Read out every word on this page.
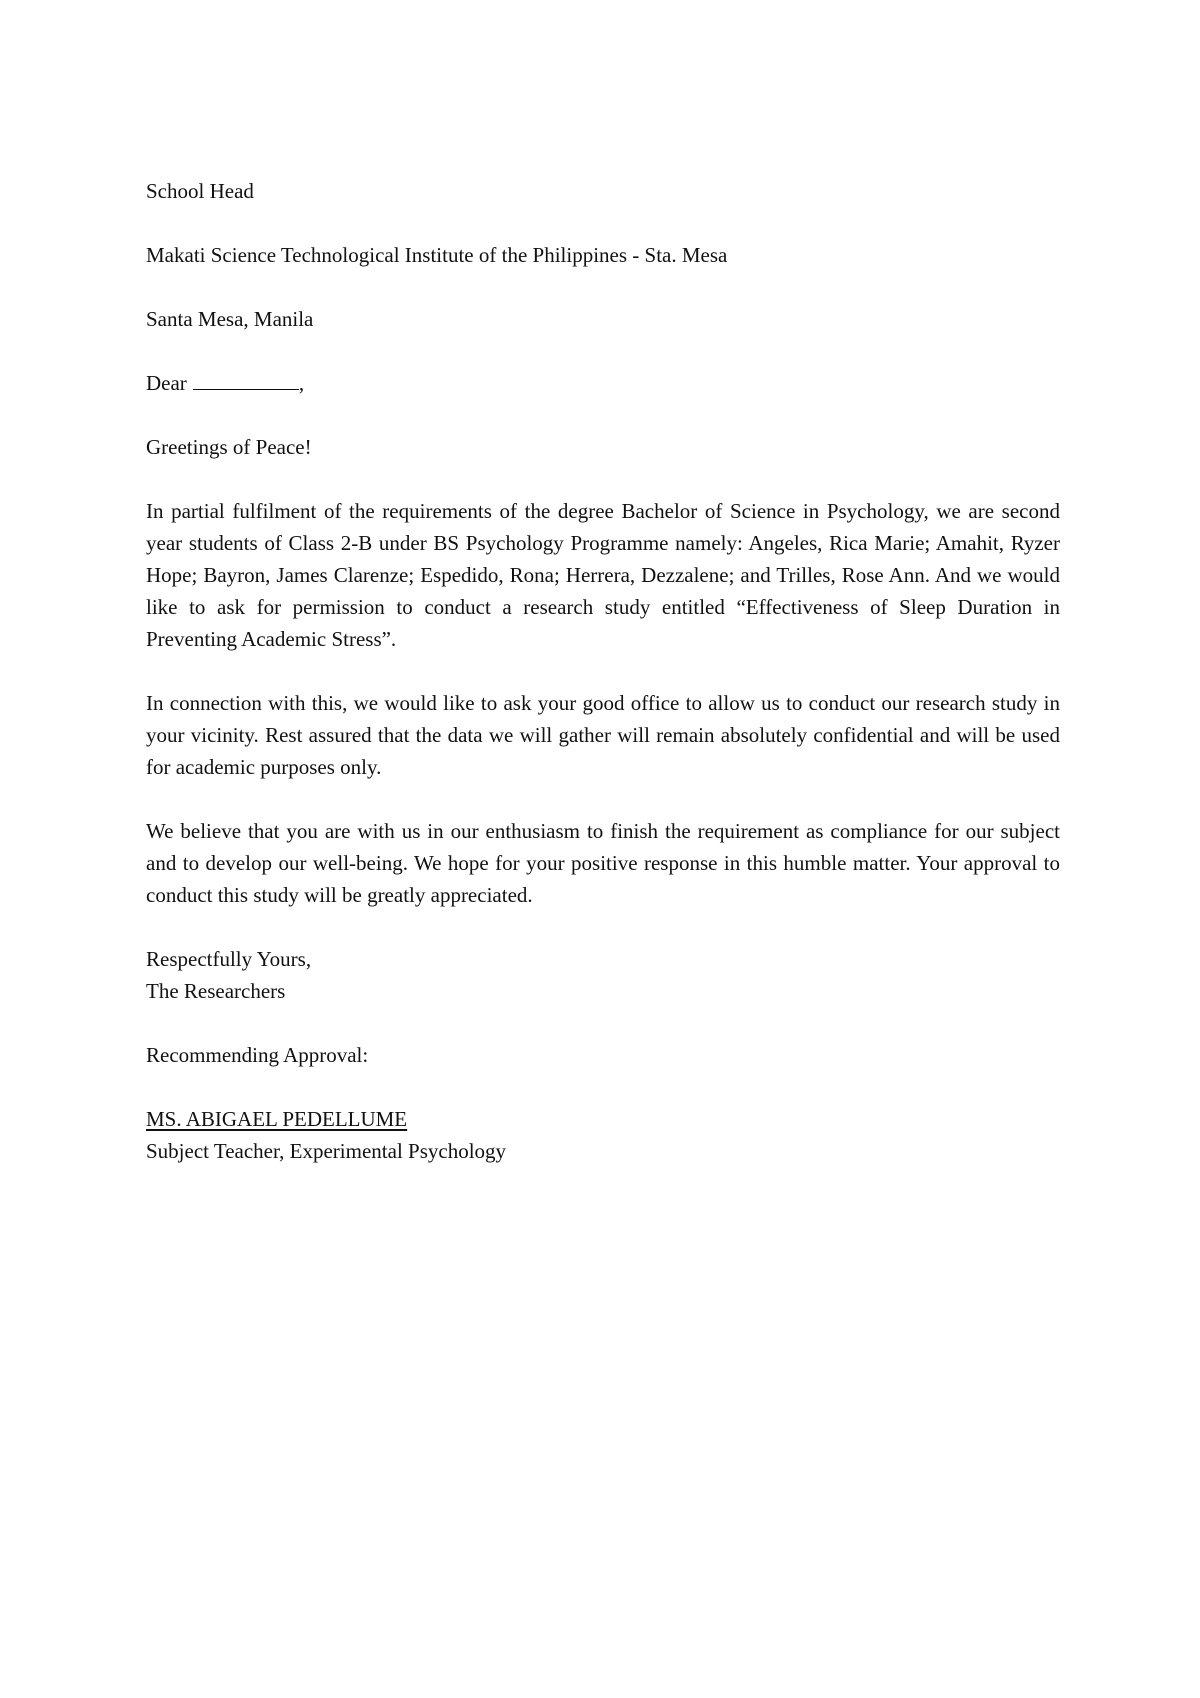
School Head
Makati Science Technological Institute of the Philippines - Sta. Mesa
Santa Mesa, Manila
Dear	,
Greetings of Peace!
In partial fulfilment of the requirements of the degree Bachelor of Science in Psychology, we are second year students of Class 2-B under BS Psychology Programme namely: Angeles, Rica Marie; Amahit, Ryzer Hope; Bayron, James Clarenze; Espedido, Rona; Herrera, Dezzalene; and Trilles, Rose Ann. And we would like to ask for permission to conduct a research study entitled “Effectiveness of Sleep Duration in Preventing Academic Stress”.
In connection with this, we would like to ask your good office to allow us to conduct our research study in your vicinity. Rest assured that the data we will gather will remain absolutely confidential and will be used for academic purposes only.
We believe that you are with us in our enthusiasm to finish the requirement as compliance for our subject and to develop our well-being. We hope for your positive response in this humble matter. Your approval to conduct this study will be greatly appreciated.
Respectfully Yours,
The Researchers
Recommending Approval:
MS. ABIGAEL PEDELLUME
Subject Teacher, Experimental Psychology
